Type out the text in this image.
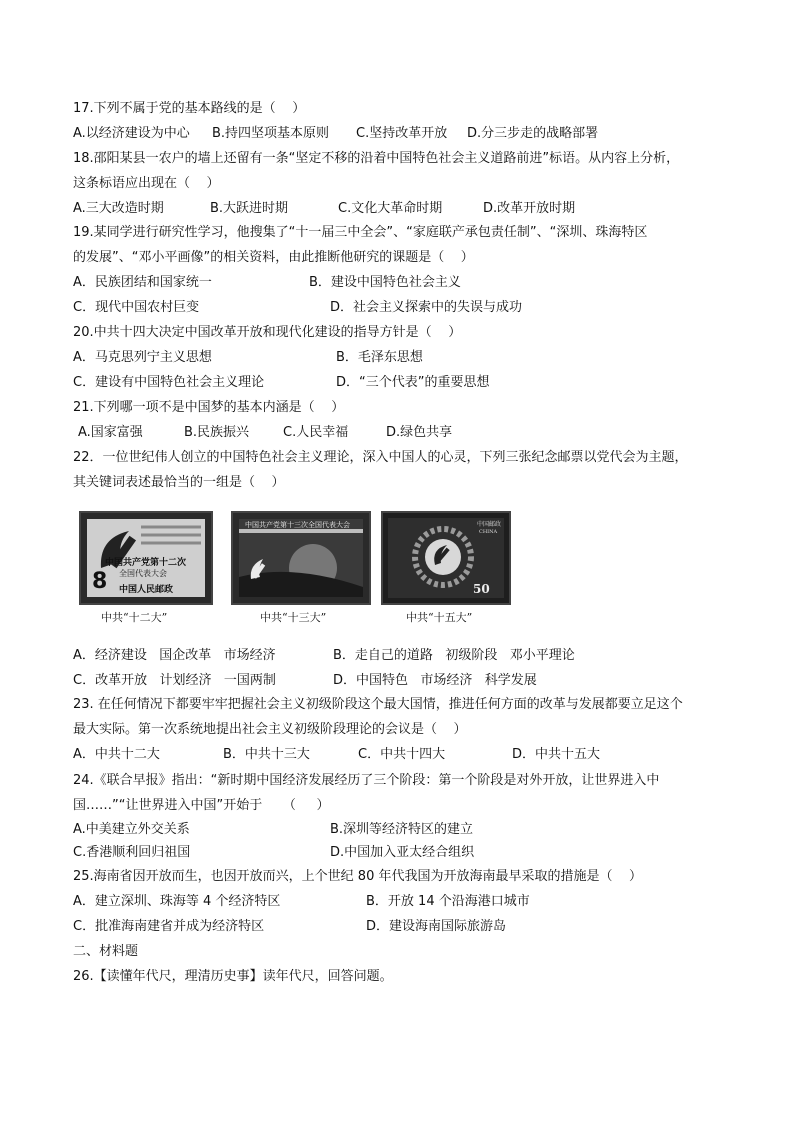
17.下列不属于党的基本路线的是（    ）
A.以经济建设为中心 B.持四坚项基本原则 C.坚持改革开放 D.分三步走的战略部署
18.邵阳某县一农户的墙上还留有一条“坚定不移的沿着中国特色社会主义道路前进”标语。从内容上分析，
这条标语应出现在（    ）
A.三大改造时期	B.大跃进时期	C.文化大革命时期	D.改革开放时期
19.某同学进行研究性学习，他搜集了“十一届三中全会”、“家庭联产承包责任制”、“深圳、珠海特区
的发展”、“邓小平画像”的相关资料，由此推断他研究的课题是（    ）
A．民族团结和国家统一	B．建设中国特色社会主义
C．现代中国农村巨变	D．社会主义探索中的失误与成功
20.中共十四大决定中国改革开放和现代化建设的指导方针是（    ）
A．马克思列宁主义思想	B．毛泽东思想
C．建设有中国特色社会主义理论	D．“三个代表”的重要思想
21.下列哪一项不是中国梦的基本内涵是（    ）
A.国家富强	B.民族振兴	C.人民幸福	D.绿色共享
22．一位世纪伟人创立的中国特色社会主义理论，深入中国人的心灵，下列三张纪念邮票以党代会为主题，
其关键词表述最恰当的一组是（    ）
8
中国共产党第十二次
全国代表大会
中国人民邮政
中国共产党第十三次全国代表大会	中国邮政
CHINA
50
中共“十二大”	中共“十三大”	中共“十五大”
A．经济建设   国企改革   市场经济	B．走自己的道路   初级阶段   邓小平理论
C．改革开放   计划经济   一国两制	D．中国特色   市场经济   科学发展
23. 在任何情况下都要牢牢把握社会主义初级阶段这个最大国情，推进任何方面的改革与发展都要立足这个
最大实际。第一次系统地提出社会主义初级阶段理论的会议是（    ）
A．中共十二大	B．中共十三大	C．中共十四大	D．中共十五大
24.《联合早报》指出：“新时期中国经济发展经历了三个阶段：第一个阶段是对外开放，让世界进入中
国……”“让世界进入中国”开始于     （     ）
A.中美建立外交关系	B.深圳等经济特区的建立
C.香港顺利回归祖国	D.中国加入亚太经合组织
25.海南省因开放而生，也因开放而兴，上个世纪 80 年代我国为开放海南最早采取的措施是（    ）
A．建立深圳、珠海等 4 个经济特区	B．开放 14 个沿海港口城市
C．批准海南建省并成为经济特区	D．建设海南国际旅游岛
二、材料题
26.【读懂年代尺，理清历史事】读年代尺，回答问题。
